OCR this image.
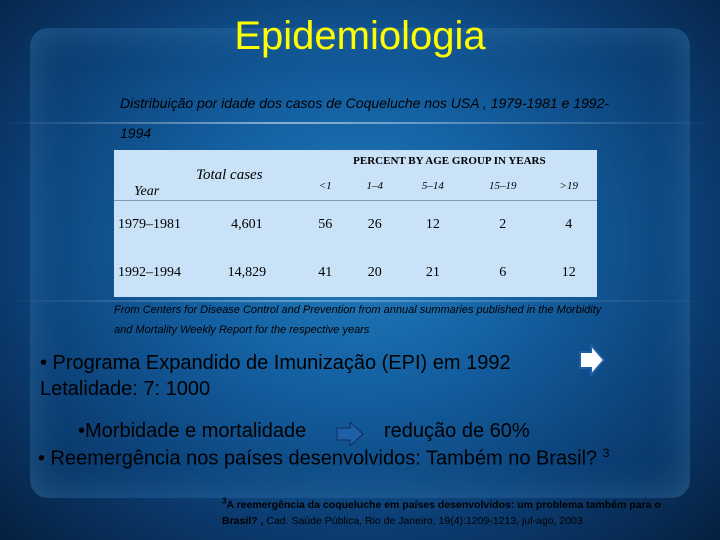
Epidemiologia
Distribuição por idade dos casos de Coqueluche nos USA , 1979-1981 e 1992-1994
Year	Total cases	PERCENT BY AGE GROUP IN YEARS				
		<1	1–4	5–14	15–19	>19
1979–1981	4,601	56	26	12	2	4
1992–1994	14,829	41	20	21	6	12
From Centers for Disease Control and Prevention from annual summaries published in the Morbidity and Mortality Weekly Report for the respective years
• Programa Expandido de Imunização (EPI) em 1992
Letalidade: 7: 1000
•Morbidade e mortalidade	redução de 60%
• Reemergência nos países desenvolvidos: Também no Brasil? $^3$
$^3$A reemergência da coqueluche em países desenvolvidos: um problema também para o Brasil? , Cad. Saúde Pública, Rio de Janeiro, 19(4):1209-1213, jul-ago, 2003
